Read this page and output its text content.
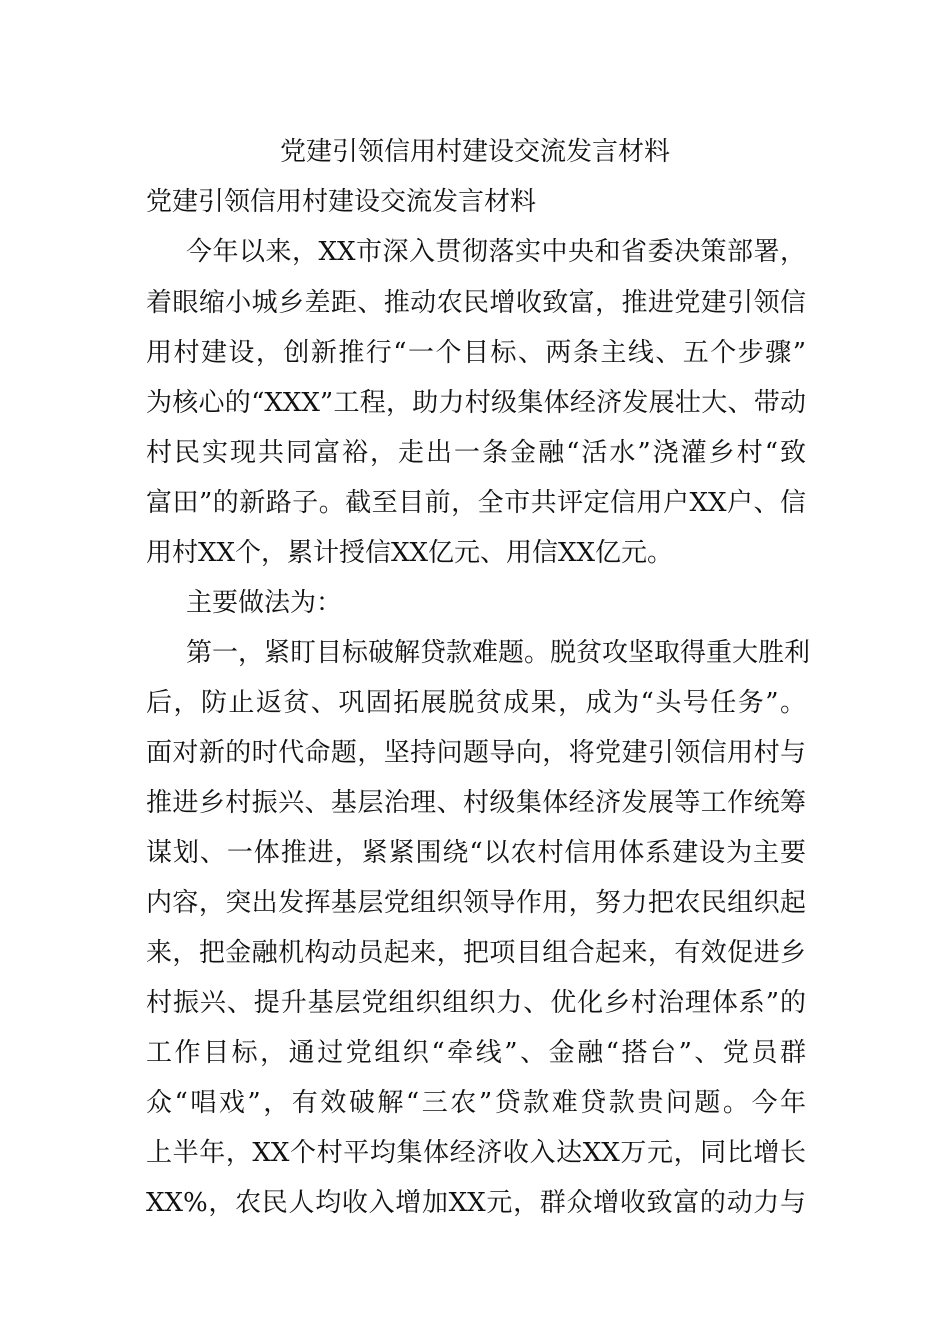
党建引领信用村建设交流发言材料

党建引领信用村建设交流发言材料

今年以来，XX市深入贯彻落实中央和省委决策部署，

着眼缩小城乡差距、推动农民增收致富，推进党建引领信

用村建设，创新推行“一个目标、两条主线、五个步骤”

为核心的“XXX”工程，助力村级集体经济发展壮大、带动

村民实现共同富裕，走出一条金融“活水”浇灌乡村“致

富田”的新路子。截至目前，全市共评定信用户XX户、信

用村XX个，累计授信XX亿元、用信XX亿元。

主要做法为：

第一，紧盯目标破解贷款难题。脱贫攻坚取得重大胜利

后，防止返贫、巩固拓展脱贫成果，成为“头号任务”。

面对新的时代命题，坚持问题导向，将党建引领信用村与

推进乡村振兴、基层治理、村级集体经济发展等工作统筹

谋划、一体推进，紧紧围绕“以农村信用体系建设为主要

内容，突出发挥基层党组织领导作用，努力把农民组织起

来，把金融机构动员起来，把项目组合起来，有效促进乡

村振兴、提升基层党组织组织力、优化乡村治理体系”的

工作目标，通过党组织“牵线”、金融“搭台”、党员群

众“唱戏”，有效破解“三农”贷款难贷款贵问题。今年

上半年，XX个村平均集体经济收入达XX万元，同比增长

XX%，农民人均收入增加XX元，群众增收致富的动力与
